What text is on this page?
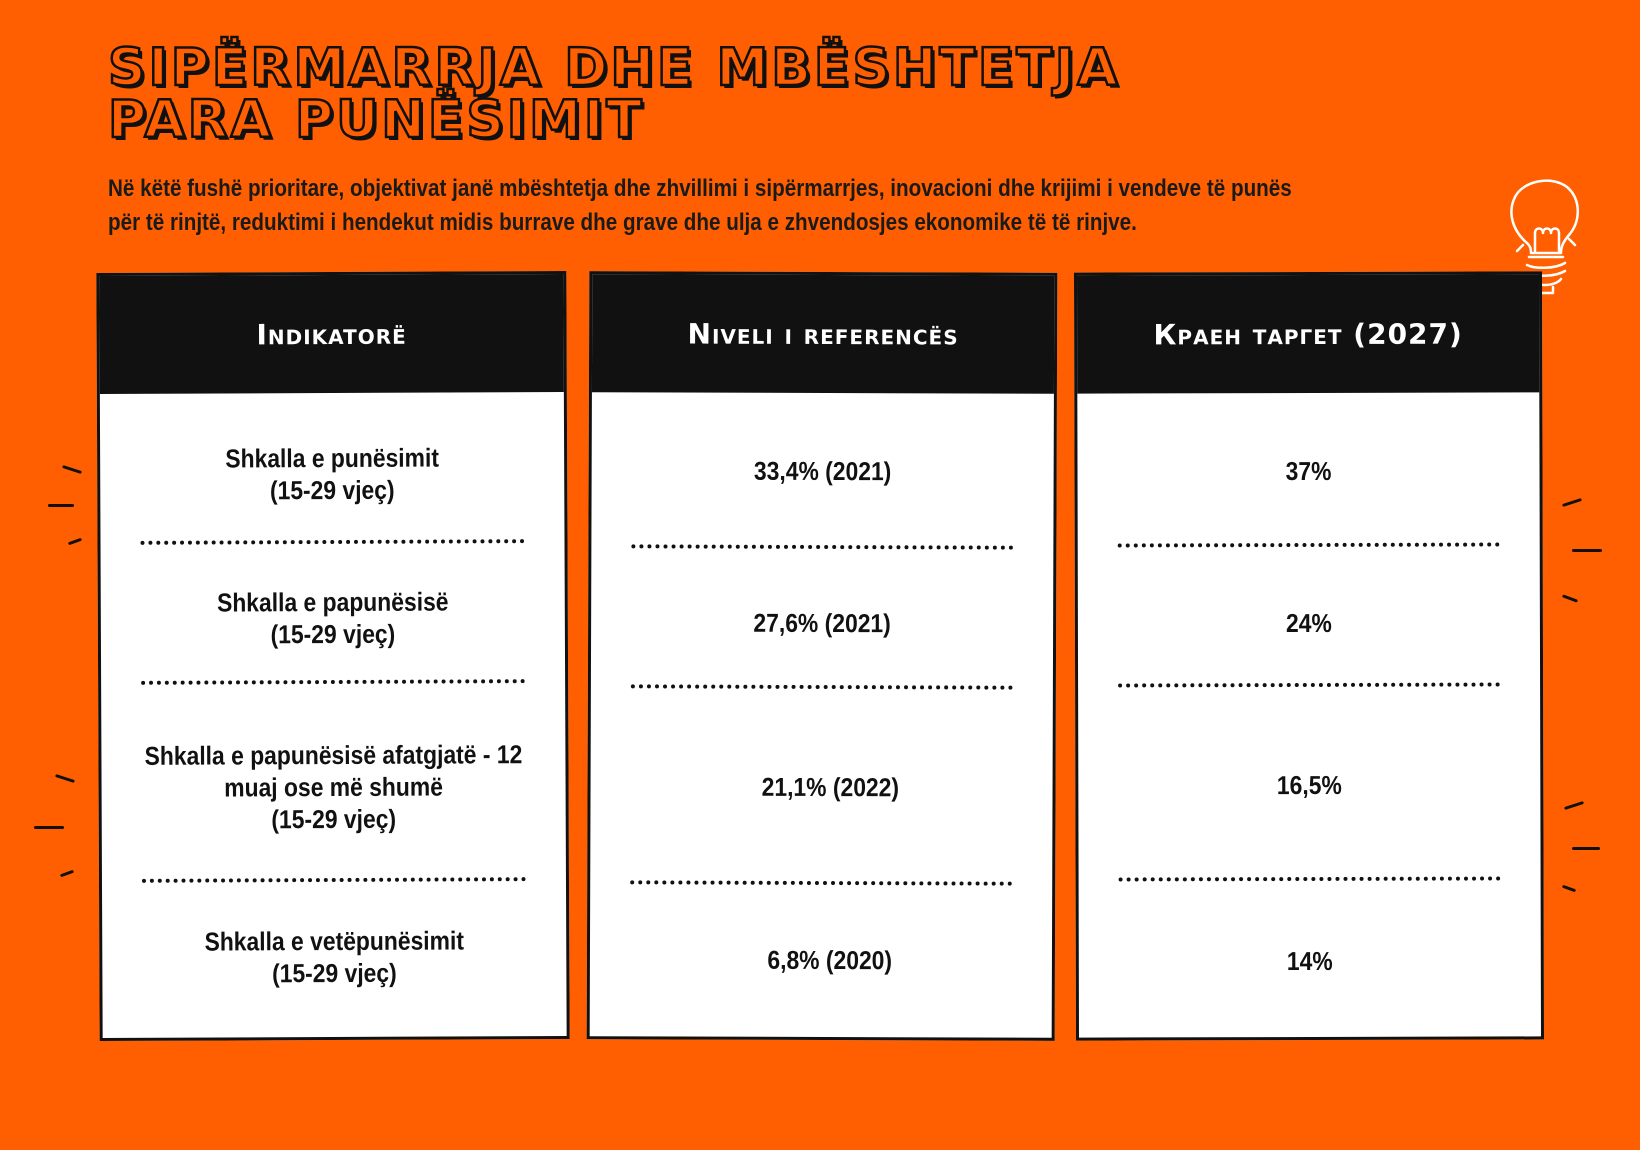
SIPËRMARRJA DHE MBËSHTETJA
PARA PUNËSIMIT

Në këtë fushë prioritare, objektivat janë mbështetja dhe zhvillimi i sipërmarrjes, inovacioni dhe krijimi i vendeve të punës për të rinjtë, reduktimi i hendekut midis burrave dhe grave dhe ulja e zhvendosjes ekonomike të të rinjve.

Indikatorë
Shkalla e punësimit
(15-29 vjeç)
Shkalla e papunësisë
(15-29 vjeç)
Shkalla e papunësisë afatgjatë - 12
muaj ose më shumë
(15-29 vjeç)
Shkalla e vetëpunësimit
(15-29 vjeç)
Niveli i referencës
33,4% (2021)
27,6% (2021)
21,1% (2022)
6,8% (2020)
Краен таргет (2027)
37%
24%
16,5%
14%
